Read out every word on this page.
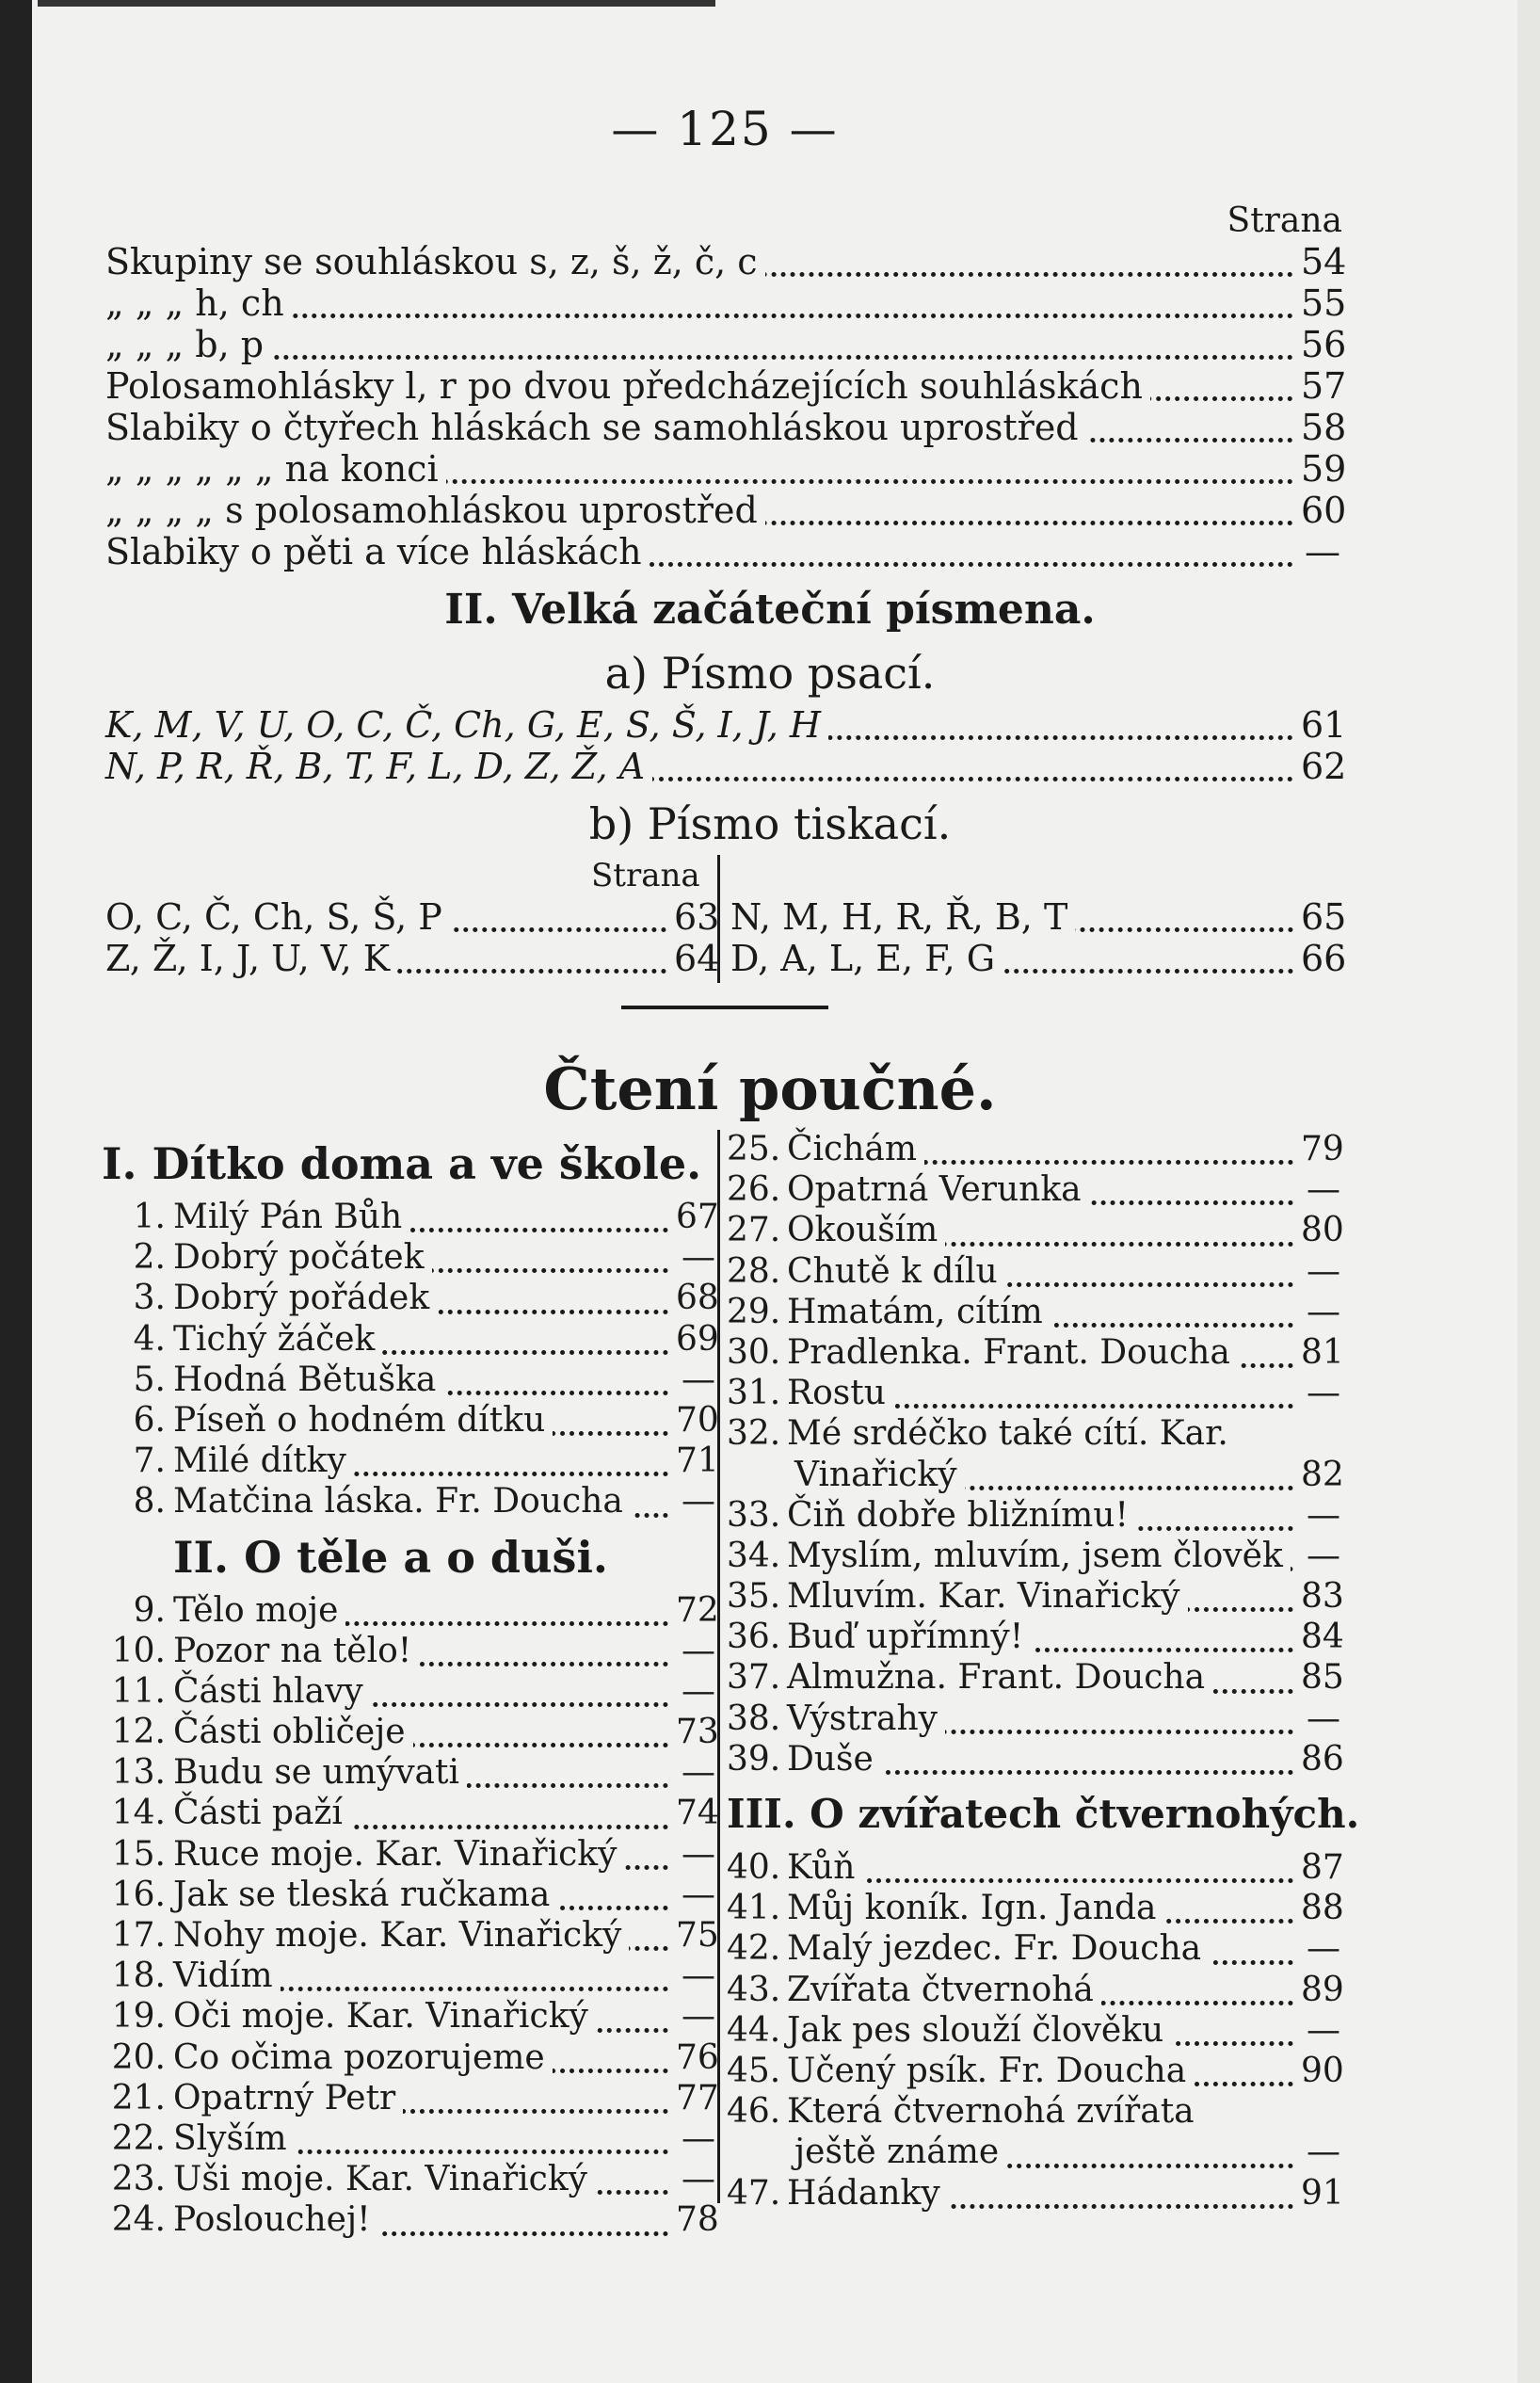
— 125 —
Strana
Skupiny se souhláskou s, z, š, ž, č, c	54
„ „ „ h, ch	55
„ „ „ b, p	56
Polosamohlásky l, r po dvou předcházejících souhláskách	57
Slabiky o čtyřech hláskách se samohláskou uprostřed	58
„ „ „ „ „ „ na konci	59
„ „ „ „ s polosamohláskou uprostřed	60
Slabiky o pěti a více hláskách	—
II. Velká začáteční písmena.
a) Písmo psací.
K, M, V, U, O, C, Č, Ch, G, E, S, Š, I, J, H	61
N, P, R, Ř, B, T, F, L, D, Z, Ž, A	62
b) Písmo tiskací.
Strana
O, C, Č, Ch, S, Š, P	63
Z, Ž, I, J, U, V, K	64
N, M, H, R, Ř, B, T	65
D, A, L, E, F, G	66
Čtení poučné.
I. Dítko doma a ve škole.
1. Milý Pán Bůh	67
2. Dobrý počátek	—
3. Dobrý pořádek	68
4. Tichý žáček	69
5. Hodná Bětuška	—
6. Píseň o hodném dítku	70
7. Milé dítky	71
8. Matčina láska. Fr. Doucha	—
II. O těle a o duši.
9. Tělo moje	72
10. Pozor na tělo!	—
11. Části hlavy	—
12. Části obličeje	73
13. Budu se umývati	—
14. Části paží	74
15. Ruce moje. Kar. Vinařický	—
16. Jak se tleská ručkama	—
17. Nohy moje. Kar. Vinařický 75
18. Vidím	—
19. Oči moje. Kar. Vinařický	—
20. Co očima pozorujeme	76
21. Opatrný Petr	77
22. Slyším	—
23. Uši moje. Kar. Vinařický	—
24. Poslouchej!	78
25. Čichám	79
26. Opatrná Verunka	—
27. Okouším	80
28. Chutě k dílu	—
29. Hmatám, cítím	—
30. Pradlenka. Frant. Doucha 81
31. Rostu	—
32. Mé srdéčko také cítí. Kar.
Vinařický	82
33. Čiň dobře bližnímu!	—
34. Myslím, mluvím, jsem člověk —
35. Mluvím. Kar. Vinařický	83
36. Buď upřímný!	84
37. Almužna. Frant. Doucha	85
38. Výstrahy	—
39. Duše	86
III. O zvířatech čtvernohých.
40. Kůň	87
41. Můj koník. Ign. Janda	88
42. Malý jezdec. Fr. Doucha	—
43. Zvířata čtvernohá	89
44. Jak pes slouží člověku	—
45. Učený psík. Fr. Doucha	90
46. Která čtvernohá zvířata
ještě známe	—
47. Hádanky	91
